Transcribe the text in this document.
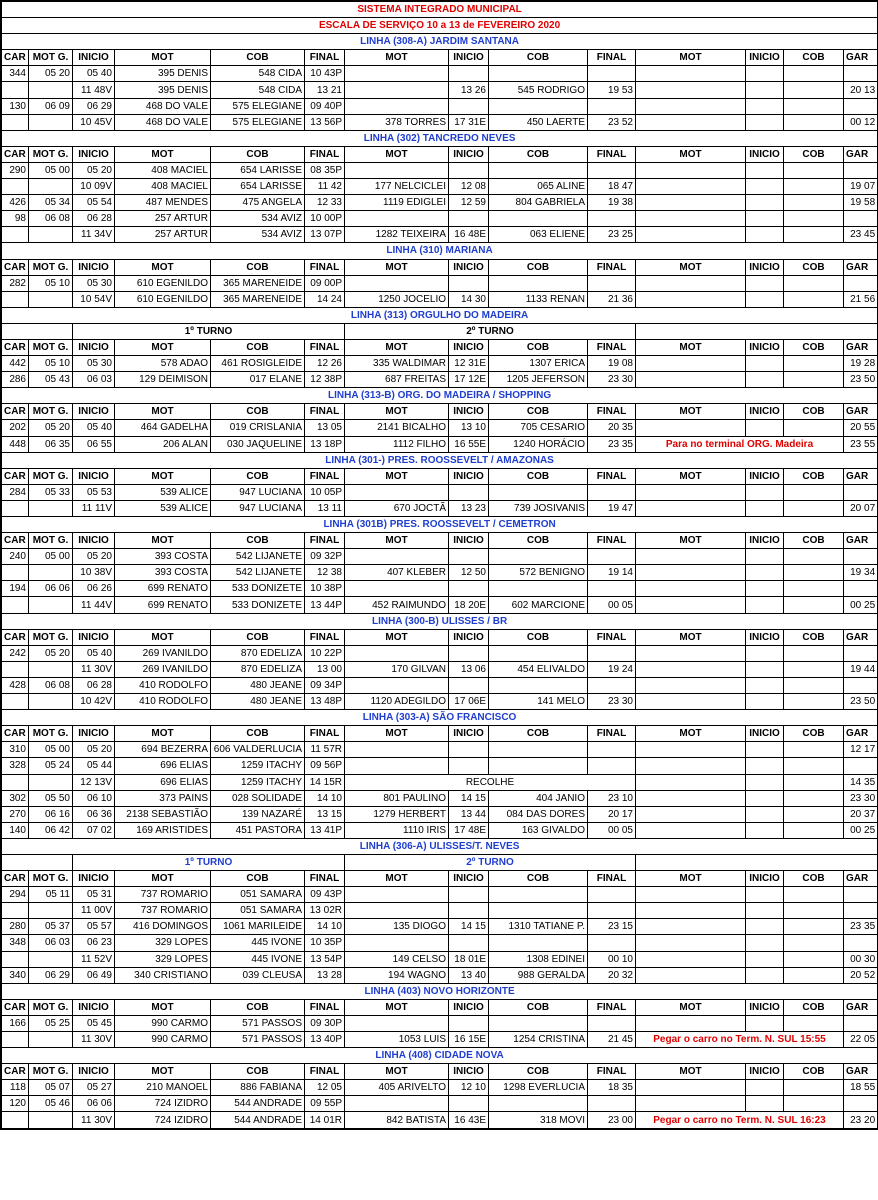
SISTEMA INTEGRADO MUNICIPAL													
ESCALA DE SERVIÇO 10 a 13 de FEVEREIRO 2020													
LINHA (308-A) JARDIM SANTANA													
CAR	MOT G.	INICIO	MOT	COB	FINAL	MOT	INICIO	COB	FINAL	MOT	INICIO	COB	GAR
344	05 20	05 40	395 DENIS	548 CIDA	10 43P								
		11 48V	395 DENIS	548 CIDA	13 21		13 26	545 RODRIGO	19 53				20 13
130	06 09	06 29	468 DO VALE	575 ELEGIANE	09 40P								
		10 45V	468 DO VALE	575 ELEGIANE	13 56P	378 TORRES	17 31E	450 LAERTE	23 52				00 12
LINHA (302) TANCREDO NEVES													
CAR	MOT G.	INICIO	MOT	COB	FINAL	MOT	INICIO	COB	FINAL	MOT	INICIO	COB	GAR
290	05 00	05 20	408 MACIEL	654 LARISSE	08 35P								
		10 09V	408 MACIEL	654 LARISSE	11 42	177 NELCICLEI	12 08	065 ALINE	18 47				19 07
426	05 34	05 54	487 MENDES	475 ANGELA	12 33	1119 EDIGLEI	12 59	804 GABRIELA	19 38				19 58
98	06 08	06 28	257 ARTUR	534 AVIZ	10 00P								
		11 34V	257 ARTUR	534 AVIZ	13 07P	1282 TEIXEIRA	16 48E	063 ELIENE	23 25				23 45
LINHA (310) MARIANA													
CAR	MOT G.	INICIO	MOT	COB	FINAL	MOT	INICIO	COB	FINAL	MOT	INICIO	COB	GAR
282	05 10	05 30	610 EGENILDO	365 MARENEIDE	09 00P								
		10 54V	610 EGENILDO	365 MARENEIDE	14 24	1250 JOCELIO	14 30	1133 RENAN	21 36				21 56
LINHA (313) ORGULHO DO MADEIRA													
		1º TURNO				2º TURNO							
CAR	MOT G.	INICIO	MOT	COB	FINAL	MOT	INICIO	COB	FINAL	MOT	INICIO	COB	GAR
442	05 10	05 30	578 ADAO	461 ROSIGLEIDE	12 26	335 WALDIMAR	12 31E	1307 ERICA	19 08				19 28
286	05 43	06 03	129 DEIMISON	017 ELANE	12 38P	687 FREITAS	17 12E	1205 JEFERSON	23 30				23 50
LINHA (313-B) ORG. DO MADEIRA / SHOPPING													
CAR	MOT G.	INICIO	MOT	COB	FINAL	MOT	INICIO	COB	FINAL	MOT	INICIO	COB	GAR
202	05 20	05 40	464 GADELHA	019 CRISLANIA	13 05	2141 BICALHO	13 10	705 CESARIO	20 35				20 55
448	06 35	06 55	206 ALAN	030 JAQUELINE	13 18P	1112 FILHO	16 55E	1240 HORÁCIO	23 35	Para no terminal ORG. Madeira			23 55
LINHA (301-) PRES. ROOSSEVELT / AMAZONAS													
CAR	MOT G.	INICIO	MOT	COB	FINAL	MOT	INICIO	COB	FINAL	MOT	INICIO	COB	GAR
284	05 33	05 53	539 ALICE	947 LUCIANA	10 05P								
		11 11V	539 ALICE	947 LUCIANA	13 11	670 JOCTÃ	13 23	739 JOSIVANIS	19 47				20 07
LINHA (301B) PRES. ROOSSEVELT / CEMETRON													
CAR	MOT G.	INICIO	MOT	COB	FINAL	MOT	INICIO	COB	FINAL	MOT	INICIO	COB	GAR
240	05 00	05 20	393 COSTA	542 LIJANETE	09 32P								
		10 38V	393 COSTA	542 LIJANETE	12 38	407 KLEBER	12 50	572 BENIGNO	19 14				19 34
194	06 06	06 26	699 RENATO	533 DONIZETE	10 38P								
		11 44V	699 RENATO	533 DONIZETE	13 44P	452 RAIMUNDO	18 20E	602 MARCIONE	00 05				00 25
LINHA (300-B) ULISSES / BR													
CAR	MOT G.	INICIO	MOT	COB	FINAL	MOT	INICIO	COB	FINAL	MOT	INICIO	COB	GAR
242	05 20	05 40	269 IVANILDO	870 EDELIZA	10 22P								
		11 30V	269 IVANILDO	870 EDELIZA	13 00	170 GILVAN	13 06	454 ELIVALDO	19 24				19 44
428	06 08	06 28	410 RODOLFO	480 JEANE	09 34P								
		10 42V	410 RODOLFO	480 JEANE	13 48P	1120 ADEGILDO	17 06E	141 MELO	23 30				23 50
LINHA (303-A) SÃO FRANCISCO													
CAR	MOT G.	INICIO	MOT	COB	FINAL	MOT	INICIO	COB	FINAL	MOT	INICIO	COB	GAR
310	05 00	05 20	694 BEZERRA	606 VALDERLUCIA	11 57R								12 17
328	05 24	05 44	696 ELIAS	1259 ITACHY	09 56P								
		12 13V	696 ELIAS	1259 ITACHY	14 15R	RECOLHE							14 35
302	05 50	06 10	373 PAINS	028 SOLIDADE	14 10	801 PAULINO	14 15	404 JANIO	23 10				23 30
270	06 16	06 36	2138 SEBASTIÃO	139 NAZARÉ	13 15	1279 HERBERT	13 44	084 DAS DORES	20 17				20 37
140	06 42	07 02	169 ARISTIDES	451 PASTORA	13 41P	1110 IRIS	17 48E	163 GIVALDO	00 05				00 25
LINHA (306-A) ULISSES/T. NEVES													
		1º TURNO				2º TURNO							
CAR	MOT G.	INICIO	MOT	COB	FINAL	MOT	INICIO	COB	FINAL	MOT	INICIO	COB	GAR
294	05 11	05 31	737 ROMARIO	051 SAMARA	09 43P								
		11 00V	737 ROMARIO	051 SAMARA	13 02R								
280	05 37	05 57	416 DOMINGOS	1061 MARILEIDE	14 10	135 DIOGO	14 15	1310 TATIANE P.	23 15				23 35
348	06 03	06 23	329 LOPES	445 IVONE	10 35P								
		11 52V	329 LOPES	445 IVONE	13 54P	149 CELSO	18 01E	1308 EDINEI	00 10				00 30
340	06 29	06 49	340 CRISTIANO	039 CLEUSA	13 28	194 WAGNO	13 40	988 GERALDA	20 32				20 52
LINHA (403) NOVO HORIZONTE													
CAR	MOT G.	INICIO	MOT	COB	FINAL	MOT	INICIO	COB	FINAL	MOT	INICIO	COB	GAR
166	05 25	05 45	990 CARMO	571 PASSOS	09 30P								
		11 30V	990 CARMO	571 PASSOS	13 40P	1053 LUIS	16 15E	1254 CRISTINA	21 45	Pegar o carro no Term. N. SUL 15:55			22 05
LINHA (408) CIDADE NOVA													
CAR	MOT G.	INICIO	MOT	COB	FINAL	MOT	INICIO	COB	FINAL	MOT	INICIO	COB	GAR
118	05 07	05 27	210 MANOEL	886 FABIANA	12 05	405 ARIVELTO	12 10	1298 EVERLUCIA	18 35				18 55
120	05 46	06 06	724 IZIDRO	544 ANDRADE	09 55P								
		11 30V	724 IZIDRO	544 ANDRADE	14 01R	842 BATISTA	16 43E	318 MOVI	23 00	Pegar o carro no Term. N. SUL 16:23			23 20
